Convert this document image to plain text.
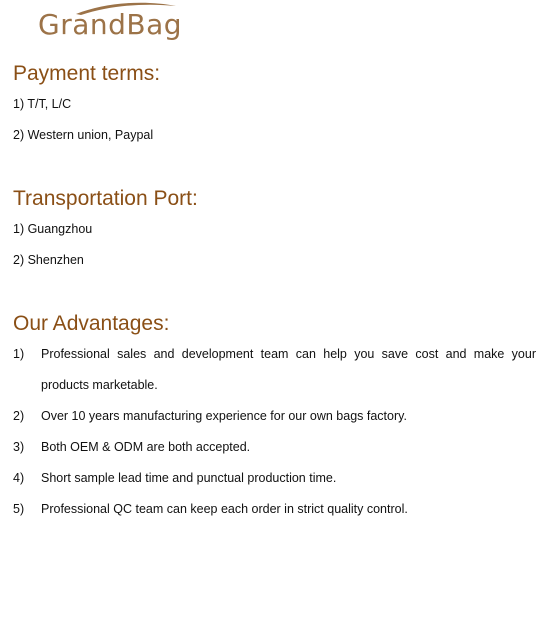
GrandBag
Payment terms:
1) T/T, L/C
2) Western union, Paypal
Transportation Port:
1) Guangzhou
2) Shenzhen
Our Advantages:
1) Professional sales and development team can help you save cost and make your
products marketable.
2) Over 10 years manufacturing experience for our own bags factory.
3) Both OEM & ODM are both accepted.
4) Short sample lead time and punctual production time.
5) Professional QC team can keep each order in strict quality control.
